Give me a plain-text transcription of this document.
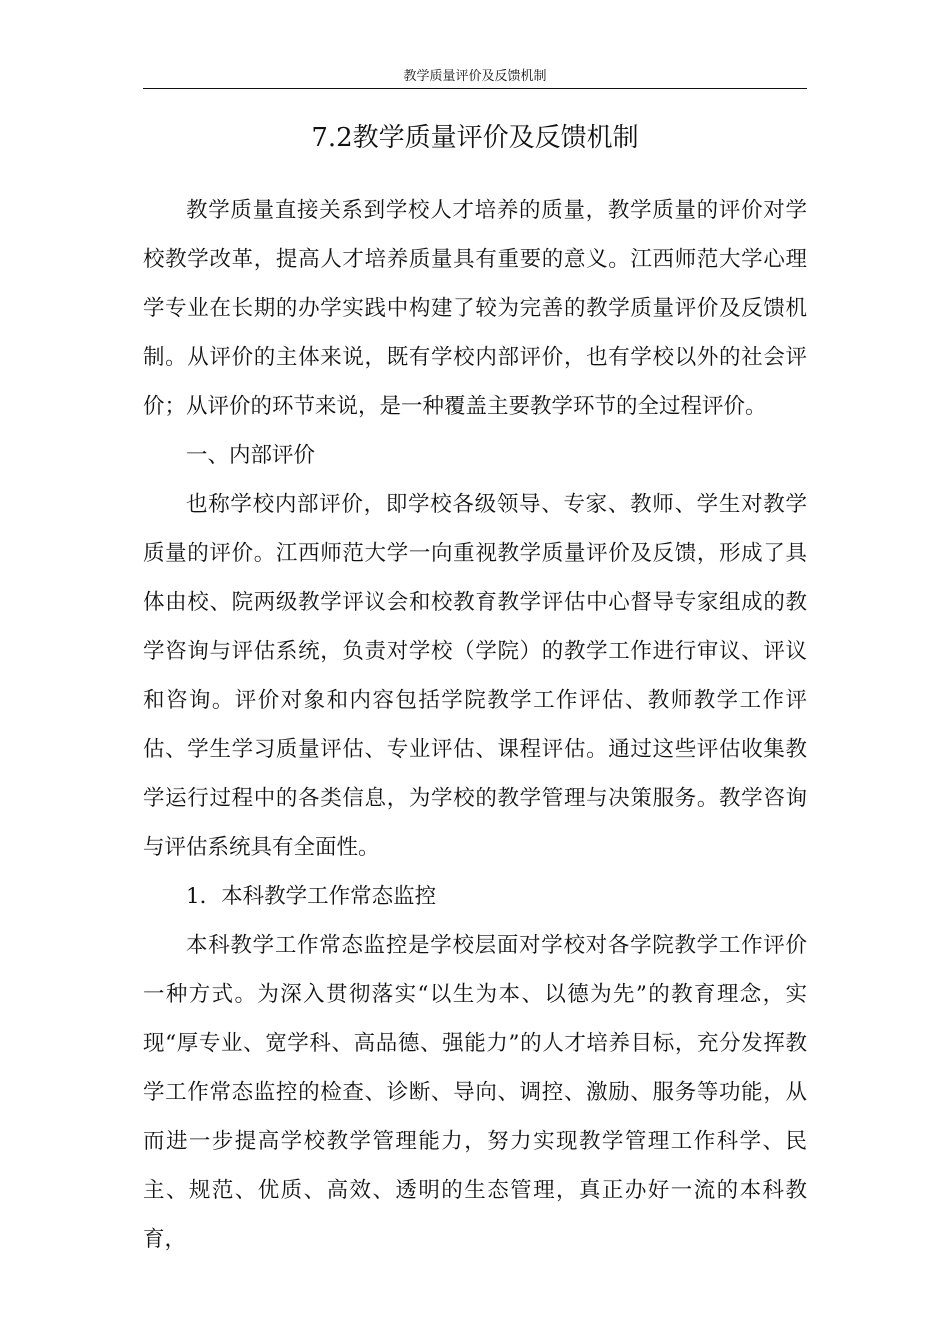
教学质量评价及反馈机制
7.2教学质量评价及反馈机制

教学质量直接关系到学校人才培养的质量，教学质量的评价对学校教学改革，提高人才培养质量具有重要的意义。江西师范大学心理学专业在长期的办学实践中构建了较为完善的教学质量评价及反馈机制。从评价的主体来说，既有学校内部评价，也有学校以外的社会评价；从评价的环节来说，是一种覆盖主要教学环节的全过程评价。

一、内部评价

也称学校内部评价，即学校各级领导、专家、教师、学生对教学质量的评价。江西师范大学一向重视教学质量评价及反馈，形成了具体由校、院两级教学评议会和校教育教学评估中心督导专家组成的教学咨询与评估系统，负责对学校（学院）的教学工作进行审议、评议和咨询。评价对象和内容包括学院教学工作评估、教师教学工作评估、学生学习质量评估、专业评估、课程评估。通过这些评估收集教学运行过程中的各类信息，为学校的教学管理与决策服务。教学咨询与评估系统具有全面性。

1．本科教学工作常态监控

本科教学工作常态监控是学校层面对学校对各学院教学工作评价一种方式。为深入贯彻落实“以生为本、以德为先”的教育理念，实现“厚专业、宽学科、高品德、强能力”的人才培养目标，充分发挥教学工作常态监控的检查、诊断、导向、调控、激励、服务等功能，从而进一步提高学校教学管理能力，努力实现教学管理工作科学、民主、规范、优质、高效、透明的生态管理，真正办好一流的本科教育，
